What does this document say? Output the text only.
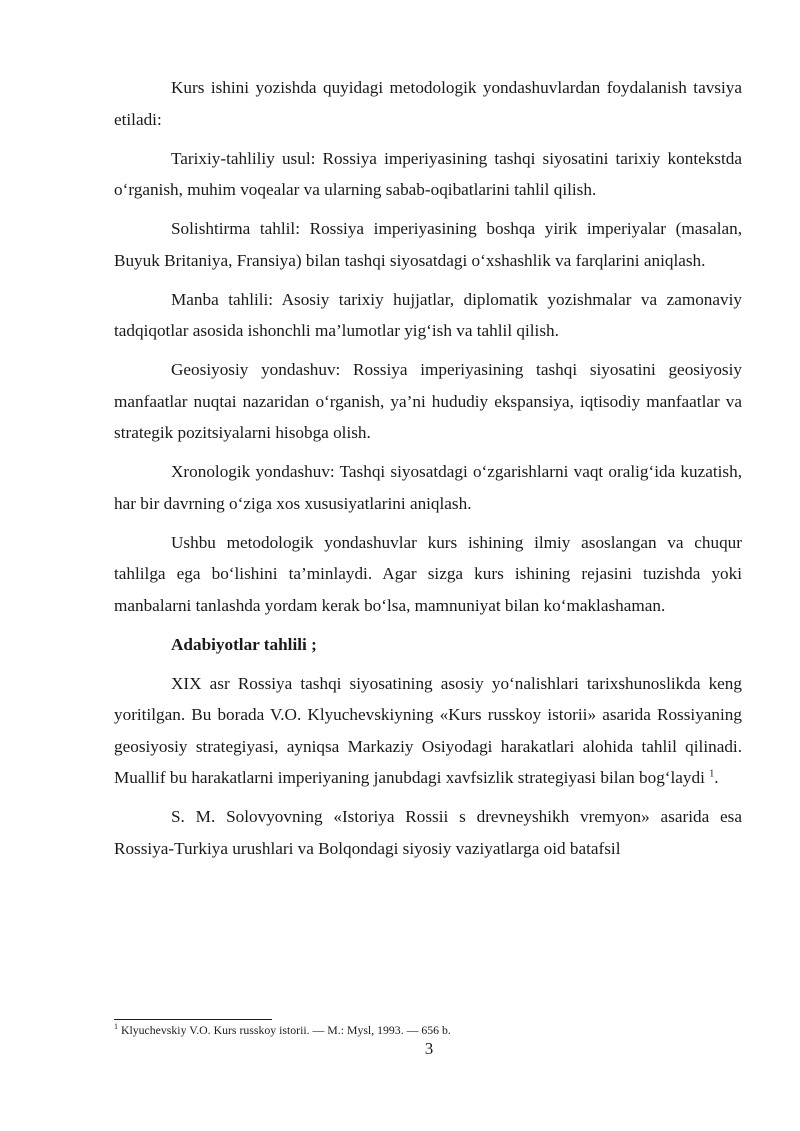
Kurs ishini yozishda quyidagi metodologik yondashuvlardan foydalanish tavsiya etiladi:

Tarixiy-tahliliy usul: Rossiya imperiyasining tashqi siyosatini tarixiy kontekstda o‘rganish, muhim voqealar va ularning sabab-oqibatlarini tahlil qilish.

Solishtirma tahlil: Rossiya imperiyasining boshqa yirik imperiyalar (masalan, Buyuk Britaniya, Fransiya) bilan tashqi siyosatdagi o‘xshashlik va farqlarini aniqlash.

Manba tahlili: Asosiy tarixiy hujjatlar, diplomatik yozishmalar va zamonaviy tadqiqotlar asosida ishonchli ma’lumotlar yig‘ish va tahlil qilish.

Geosiyosiy yondashuv: Rossiya imperiyasining tashqi siyosatini geosiyosiy manfaatlar nuqtai nazaridan o‘rganish, ya’ni hududiy ekspansiya, iqtisodiy manfaatlar va strategik pozitsiyalarni hisobga olish.

Xronologik yondashuv: Tashqi siyosatdagi o‘zgarishlarni vaqt oralig‘ida kuzatish, har bir davrning o‘ziga xos xususiyatlarini aniqlash.

Ushbu metodologik yondashuvlar kurs ishining ilmiy asoslangan va chuqur tahlilga ega bo‘lishini ta’minlaydi. Agar sizga kurs ishining rejasini tuzishda yoki manbalarni tanlashda yordam kerak bo‘lsa, mamnuniyat bilan ko‘maklashaman.

Adabiyotlar tahlili ;

XIX asr Rossiya tashqi siyosatining asosiy yo‘nalishlari tarixshunoslikda keng yoritilgan. Bu borada V.O. Klyuchevskiyning «Kurs russkoy istorii» asarida Rossiyaning geosiyosiy strategiyasi, ayniqsa Markaziy Osiyodagi harakatlari alohida tahlil qilinadi. Muallif bu harakatlarni imperiyaning janubdagi xavfsizlik strategiyasi bilan bog‘laydi $^1$.

S. M. Solovyovning «Istoriya Rossii s drevneyshikh vremyon» asarida esa Rossiya-Turkiya urushlari va Bolqondagi siyosiy vaziyatlarga oid batafsil

$^1$ Klyuchevskiy V.O. Kurs russkoy istorii. — M.: Mysl, 1993. — 656 b.
3
